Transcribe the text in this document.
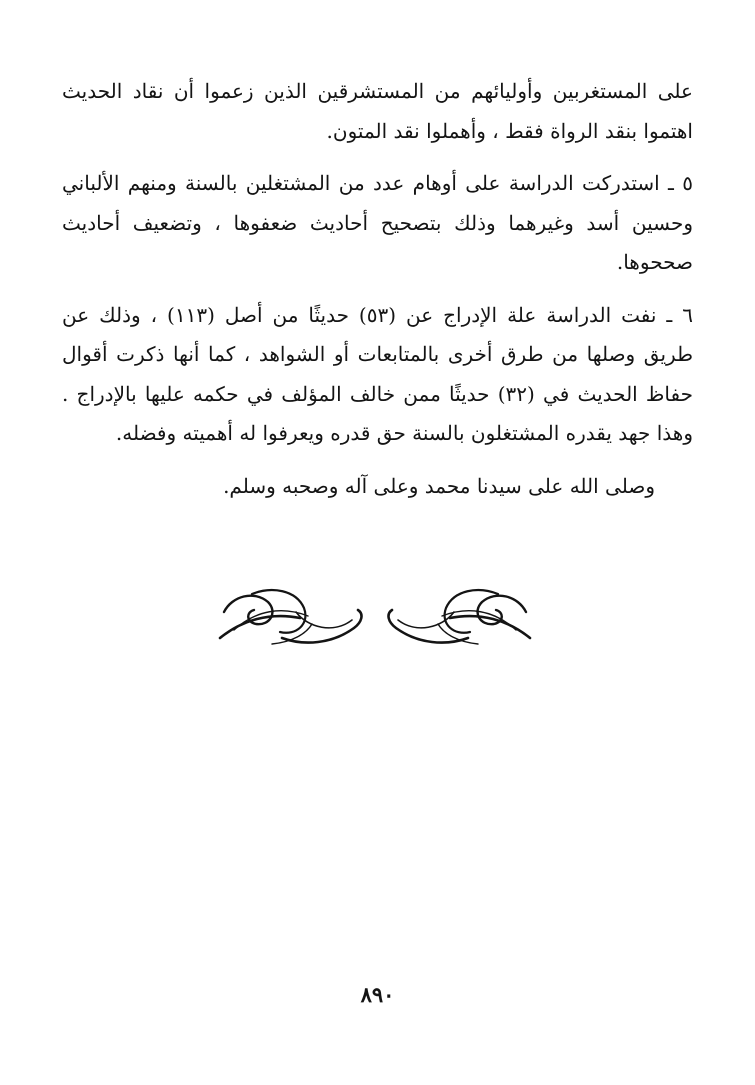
على المستغربين وأوليائهم من المستشرقين الذين زعموا أن نقاد الحديث اهتموا بنقد الرواة فقط ، وأهملوا نقد المتون.

٥ ـ استدركت الدراسة على أوهام عدد من المشتغلين بالسنة ومنهم الألباني وحسين أسد وغيرهما وذلك بتصحيح أحاديث ضعفوها ، وتضعيف أحاديث صححوها.

٦ ـ نفت الدراسة علة الإدراج عن (٥٣) حديثًا من أصل (١١٣) ، وذلك عن طريق وصلها من طرق أخرى بالمتابعات أو الشواهد ، كما أنها ذكرت أقوال حفاظ الحديث في (٣٢) حديثًا ممن خالف المؤلف في حكمه عليها بالإدراج . وهذا جهد يقدره المشتغلون بالسنة حق قدره ويعرفوا له أهميته وفضله.

وصلى الله على سيدنا محمد وعلى آله وصحبه وسلم.

٨٩٠
